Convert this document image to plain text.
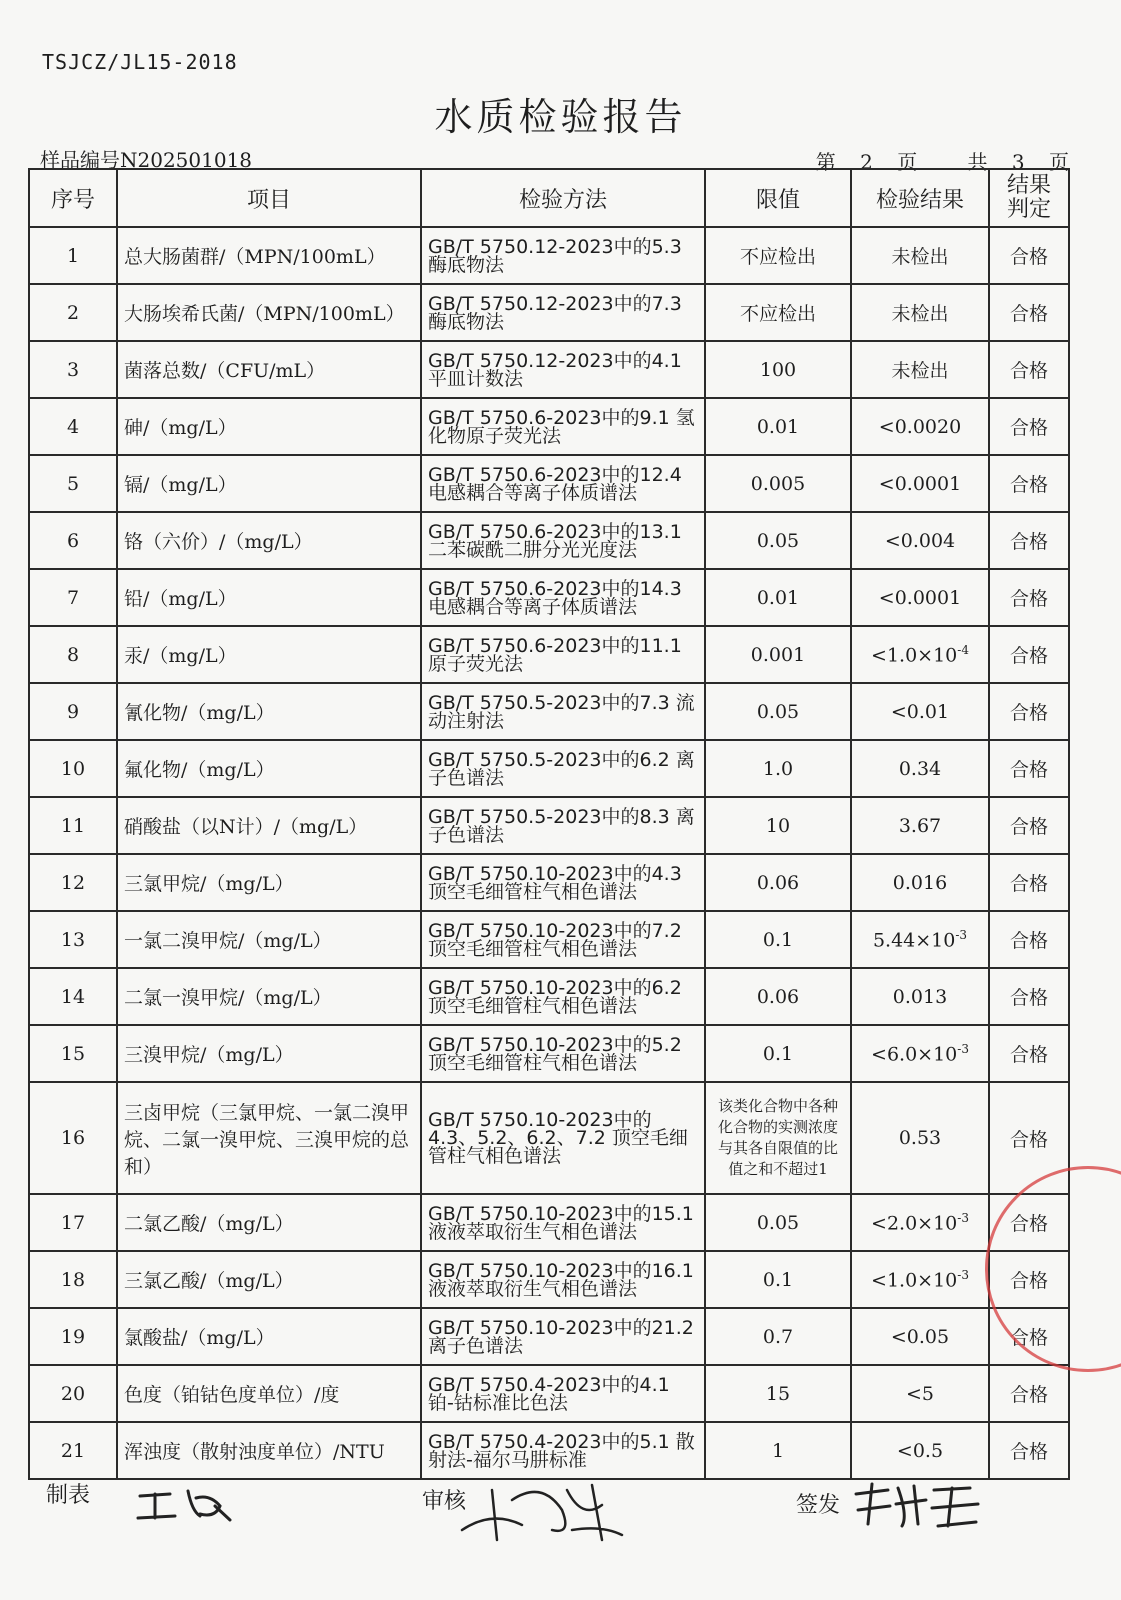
TSJCZ/JL15-2018
水质检验报告
样品编号N202501018	第 2 页 共 3 页
序号	项目	检验方法	限值	检验结果	结果
判定
1	总大肠菌群/（MPN/100mL）	GB/T 5750.12-2023中的5.3 酶底物法	不应检出	未检出	合格
2	大肠埃希氏菌/（MPN/100mL）	GB/T 5750.12-2023中的7.3 酶底物法	不应检出	未检出	合格
3	菌落总数/（CFU/mL）	GB/T 5750.12-2023中的4.1 平皿计数法	100	未检出	合格
4	砷/（mg/L）	GB/T 5750.6-2023中的9.1 氢化物原子荧光法	0.01	<0.0020	合格
5	镉/（mg/L）	GB/T 5750.6-2023中的12.4 电感耦合等离子体质谱法	0.005	<0.0001	合格
6	铬（六价）/（mg/L）	GB/T 5750.6-2023中的13.1 二苯碳酰二肼分光光度法	0.05	<0.004	合格
7	铅/（mg/L）	GB/T 5750.6-2023中的14.3 电感耦合等离子体质谱法	0.01	<0.0001	合格
8	汞/（mg/L）	GB/T 5750.6-2023中的11.1 原子荧光法	0.001	$<1.0\times 10^{-4}$	合格
9	氰化物/（mg/L）	GB/T 5750.5-2023中的7.3 流动注射法	0.05	<0.01	合格
10	氟化物/（mg/L）	GB/T 5750.5-2023中的6.2 离子色谱法	1.0	0.34	合格
11	硝酸盐（以N计）/（mg/L）	GB/T 5750.5-2023中的8.3 离子色谱法	10	3.67	合格
12	三氯甲烷/（mg/L）	GB/T 5750.10-2023中的4.3 顶空毛细管柱气相色谱法	0.06	0.016	合格
13	一氯二溴甲烷/（mg/L）	GB/T 5750.10-2023中的7.2 顶空毛细管柱气相色谱法	0.1	$5.44\times 10^{-3}$	合格
14	二氯一溴甲烷/（mg/L）	GB/T 5750.10-2023中的6.2 顶空毛细管柱气相色谱法	0.06	0.013	合格
15	三溴甲烷/（mg/L）	GB/T 5750.10-2023中的5.2 顶空毛细管柱气相色谱法	0.1	$<6.0\times 10^{-3}$	合格
16	三卤甲烷（三氯甲烷、一氯二溴甲烷、二氯一溴甲烷、三溴甲烷的总和）	GB/T 5750.10-2023中的4.3、5.2、6.2、7.2 顶空毛细管柱气相色谱法	该类化合物中各种化合物的实测浓度与其各自限值的比值之和不超过1	0.53	合格
17	二氯乙酸/（mg/L）	GB/T 5750.10-2023中的15.1 液液萃取衍生气相色谱法	0.05	$<2.0\times 10^{-3}$	合格
18	三氯乙酸/（mg/L）	GB/T 5750.10-2023中的16.1 液液萃取衍生气相色谱法	0.1	$<1.0\times 10^{-3}$	合格
19	氯酸盐/（mg/L）	GB/T 5750.10-2023中的21.2 离子色谱法	0.7	<0.05	合格
20	色度（铂钴色度单位）/度	GB/T 5750.4-2023中的4.1 铂-钴标准比色法	15	<5	合格
21	浑浊度（散射浊度单位）/NTU	GB/T 5750.4-2023中的5.1 散射法-福尔马肼标准	1	<0.5	合格
制表	审核	签发
